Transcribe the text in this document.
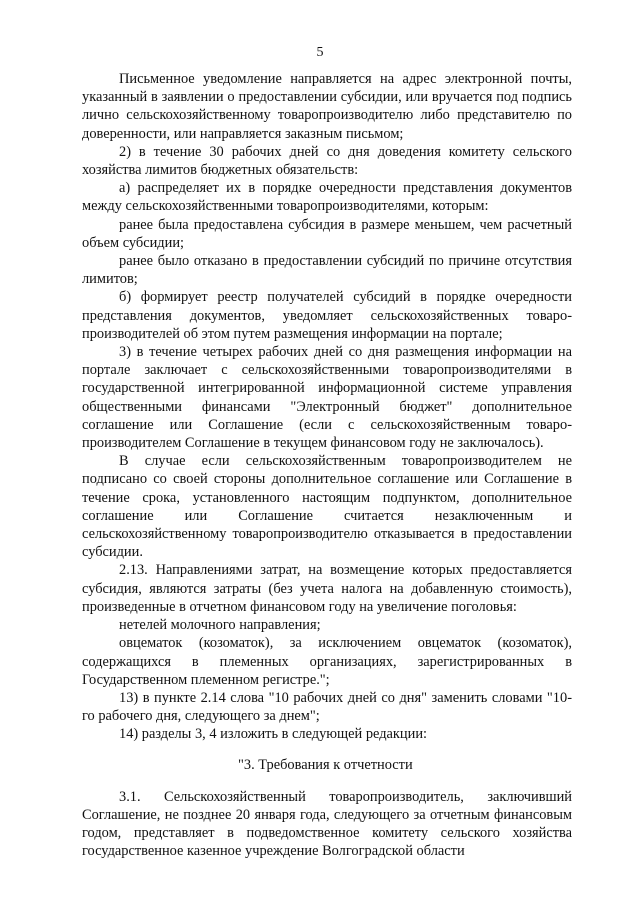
5

Письменное уведомление направляется на адрес электронной почты, указанный в заявлении о предоставлении субсидии, или вручается под подпись лично сельскохозяйственному товаропроизводителю либо представителю по доверенности, или направляется заказным письмом;

2) в течение 30 рабочих дней со дня доведения комитету сельского хозяйства лимитов бюджетных обязательств:

а) распределяет их в порядке очередности представления документов между сельскохозяйственными товаропроизводителями, которым:

ранее была предоставлена субсидия в размере меньшем, чем расчетный объем субсидии;

ранее было отказано в предоставлении субсидий по причине отсутствия лимитов;

б) формирует реестр получателей субсидий в порядке очередности представления документов, уведомляет сельскохозяйственных товаропроизводителей об этом путем размещения информации на портале;

3) в течение четырех рабочих дней со дня размещения информации на портале заключает с сельскохозяйственными товаропроизводителями в государственной интегрированной информационной системе управления общественными финансами "Электронный бюджет" дополнительное соглашение или Соглашение (если с сельскохозяйственным товаропроизводителем Соглашение в текущем финансовом году не заключалось).

В случае если сельскохозяйственным товаропроизводителем не подписано со своей стороны дополнительное соглашение или Соглашение в течение срока, установленного настоящим подпунктом, дополнительное соглашение или Соглашение считается незаключенным и сельскохозяйственному товаропроизводителю отказывается в предоставлении субсидии.

2.13. Направлениями затрат, на возмещение которых предоставляется субсидия, являются затраты (без учета налога на добавленную стоимость), произведенные в отчетном финансовом году на увеличение поголовья:

нетелей молочного направления;

овцематок (козоматок), за исключением овцематок (козоматок), содержащихся в племенных организациях, зарегистрированных в Государственном племенном регистре.";

13) в пункте 2.14 слова "10 рабочих дней со дня" заменить словами "10-го рабочего дня, следующего за днем";

14) разделы 3, 4 изложить в следующей редакции:

"3. Требования к отчетности

3.1. Сельскохозяйственный товаропроизводитель, заключивший Соглашение, не позднее 20 января года, следующего за отчетным финансовым годом, представляет в подведомственное комитету сельского хозяйства государственное казенное учреждение Волгоградской области
